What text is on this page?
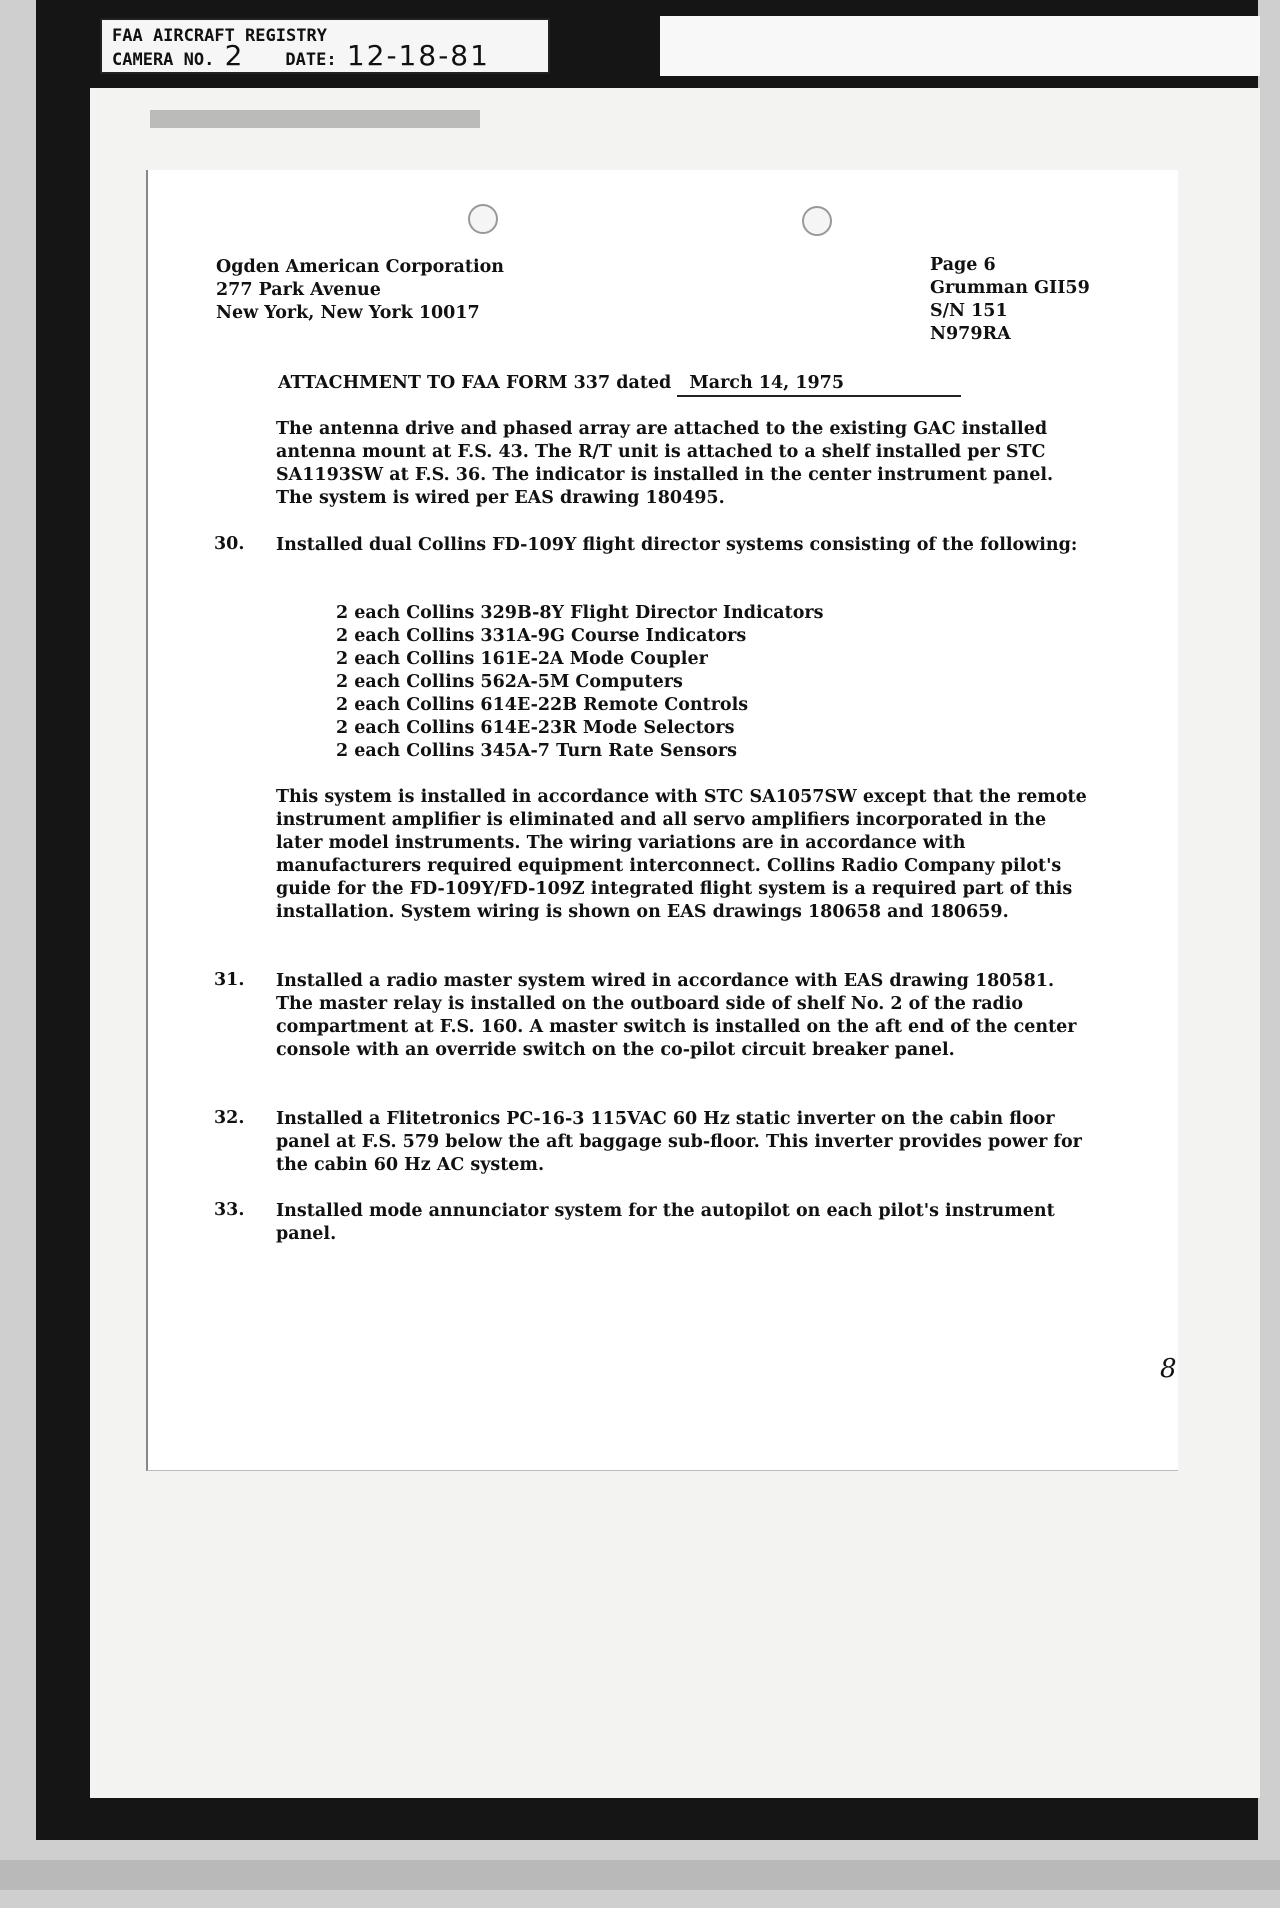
FAA AIRCRAFT REGISTRY
CAMERA NO. 2 DATE: 12-18-81
Ogden American Corporation
277 Park Avenue
New York, New York 10017
Page 6
Grumman GII59
S/N 151
N979RA
ATTACHMENT TO FAA FORM 337 dated March 14, 1975
The antenna drive and phased array are attached to the existing GAC installed antenna mount at F.S. 43. The R/T unit is attached to a shelf installed per STC SA1193SW at F.S. 36. The indicator is installed in the center instrument panel. The system is wired per EAS drawing 180495.
30. Installed dual Collins FD-109Y flight director systems consisting of the following:
2 each Collins 329B-8Y Flight Director Indicators
2 each Collins 331A-9G Course Indicators
2 each Collins 161E-2A Mode Coupler
2 each Collins 562A-5M Computers
2 each Collins 614E-22B Remote Controls
2 each Collins 614E-23R Mode Selectors
2 each Collins 345A-7 Turn Rate Sensors
This system is installed in accordance with STC SA1057SW except that the remote instrument amplifier is eliminated and all servo amplifiers incorporated in the later model instruments. The wiring variations are in accordance with manufacturers required equipment interconnect. Collins Radio Company pilot's guide for the FD-109Y/FD-109Z integrated flight system is a required part of this installation. System wiring is shown on EAS drawings 180658 and 180659.
31. Installed a radio master system wired in accordance with EAS drawing 180581. The master relay is installed on the outboard side of shelf No. 2 of the radio compartment at F.S. 160. A master switch is installed on the aft end of the center console with an override switch on the co-pilot circuit breaker panel.
32. Installed a Flitetronics PC-16-3 115VAC 60 Hz static inverter on the cabin floor panel at F.S. 579 below the aft baggage sub-floor. This inverter provides power for the cabin 60 Hz AC system.
33. Installed mode annunciator system for the autopilot on each pilot's instrument panel.
8
